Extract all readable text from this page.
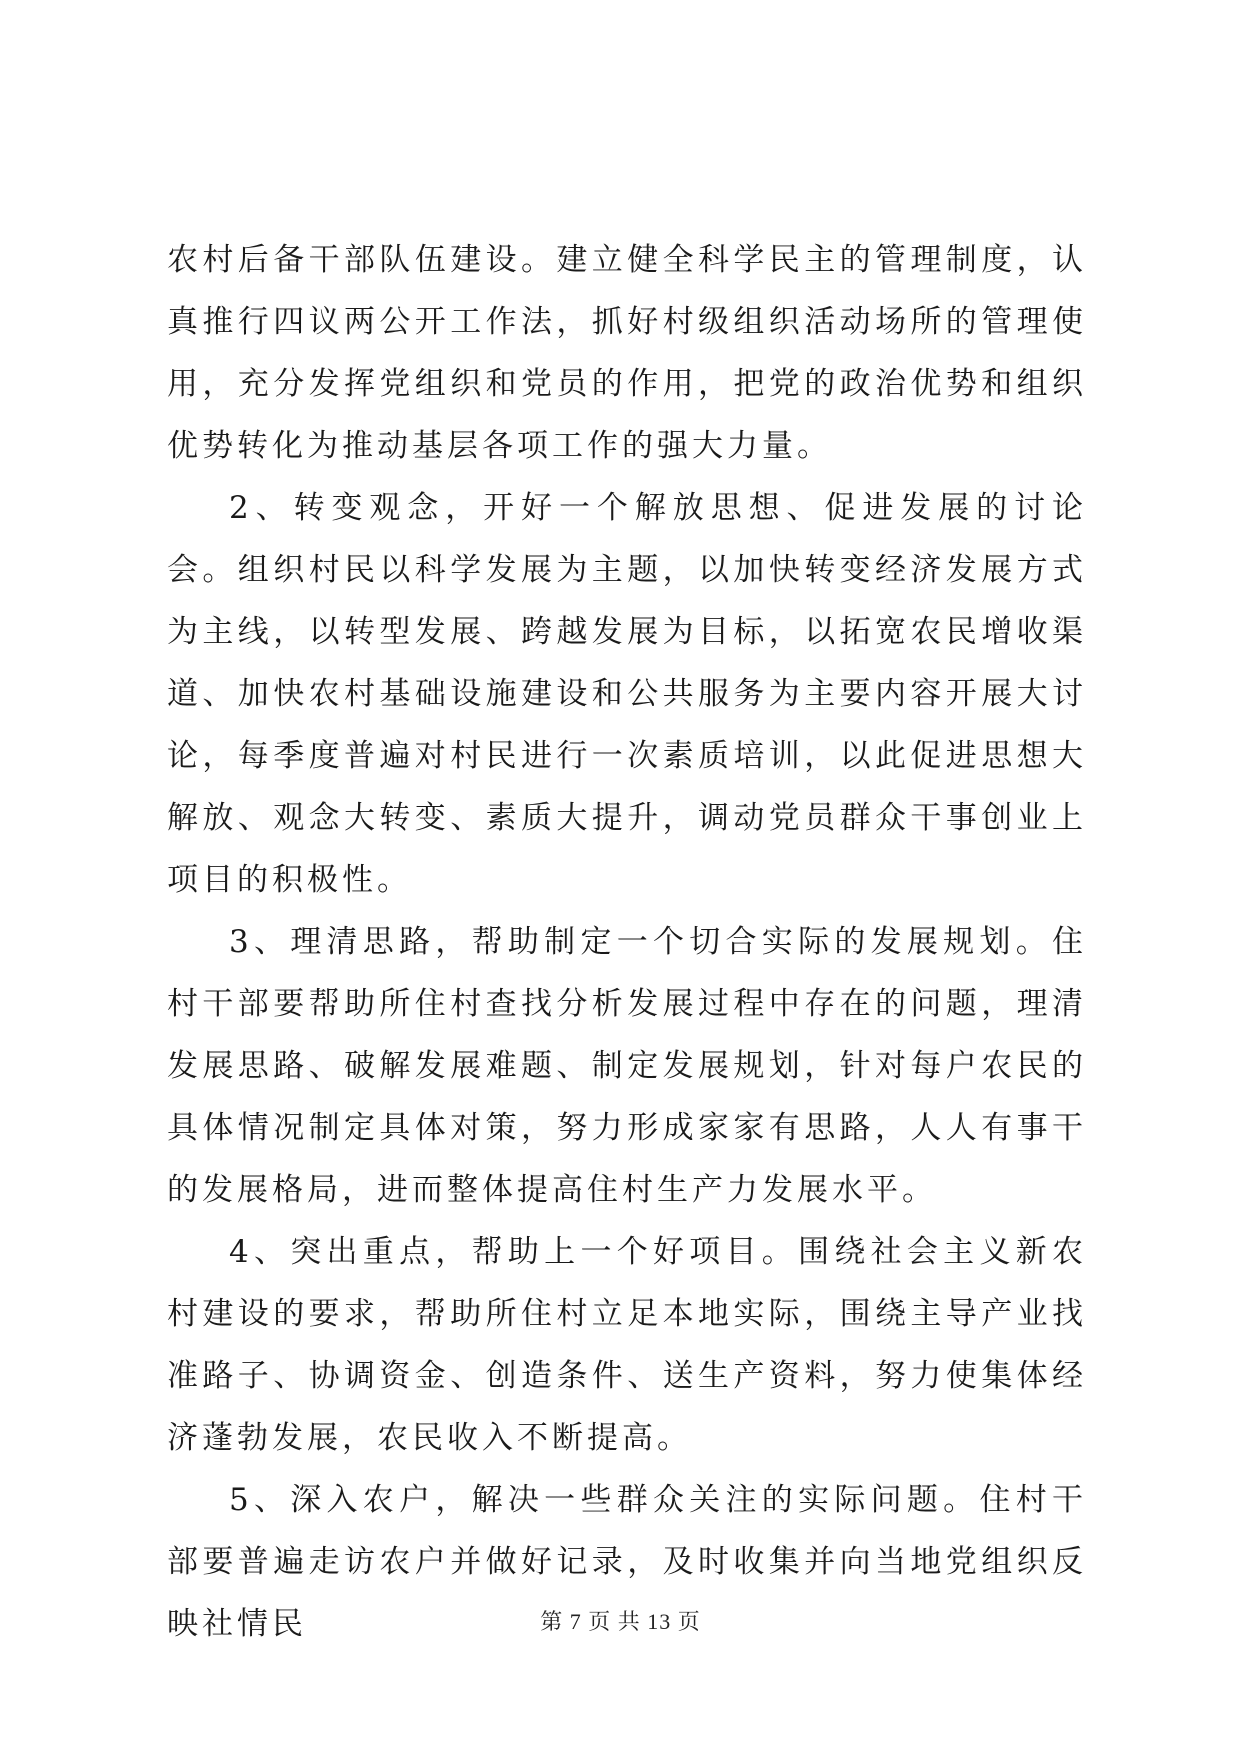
农村后备干部队伍建设。建立健全科学民主的管理制度，认真推行四议两公开工作法，抓好村级组织活动场所的管理使用，充分发挥党组织和党员的作用，把党的政治优势和组织优势转化为推动基层各项工作的强大力量。

2、转变观念，开好一个解放思想、促进发展的讨论会。组织村民以科学发展为主题，以加快转变经济发展方式为主线，以转型发展、跨越发展为目标，以拓宽农民增收渠道、加快农村基础设施建设和公共服务为主要内容开展大讨论，每季度普遍对村民进行一次素质培训，以此促进思想大解放、观念大转变、素质大提升，调动党员群众干事创业上项目的积极性。

3、理清思路，帮助制定一个切合实际的发展规划。住村干部要帮助所住村查找分析发展过程中存在的问题，理清发展思路、破解发展难题、制定发展规划，针对每户农民的具体情况制定具体对策，努力形成家家有思路，人人有事干的发展格局，进而整体提高住村生产力发展水平。

4、突出重点，帮助上一个好项目。围绕社会主义新农村建设的要求，帮助所住村立足本地实际，围绕主导产业找准路子、协调资金、创造条件、送生产资料，努力使集体经济蓬勃发展，农民收入不断提高。

5、深入农户，解决一些群众关注的实际问题。住村干部要普遍走访农户并做好记录，及时收集并向当地党组织反映社情民	第 7 页 共 13 页
